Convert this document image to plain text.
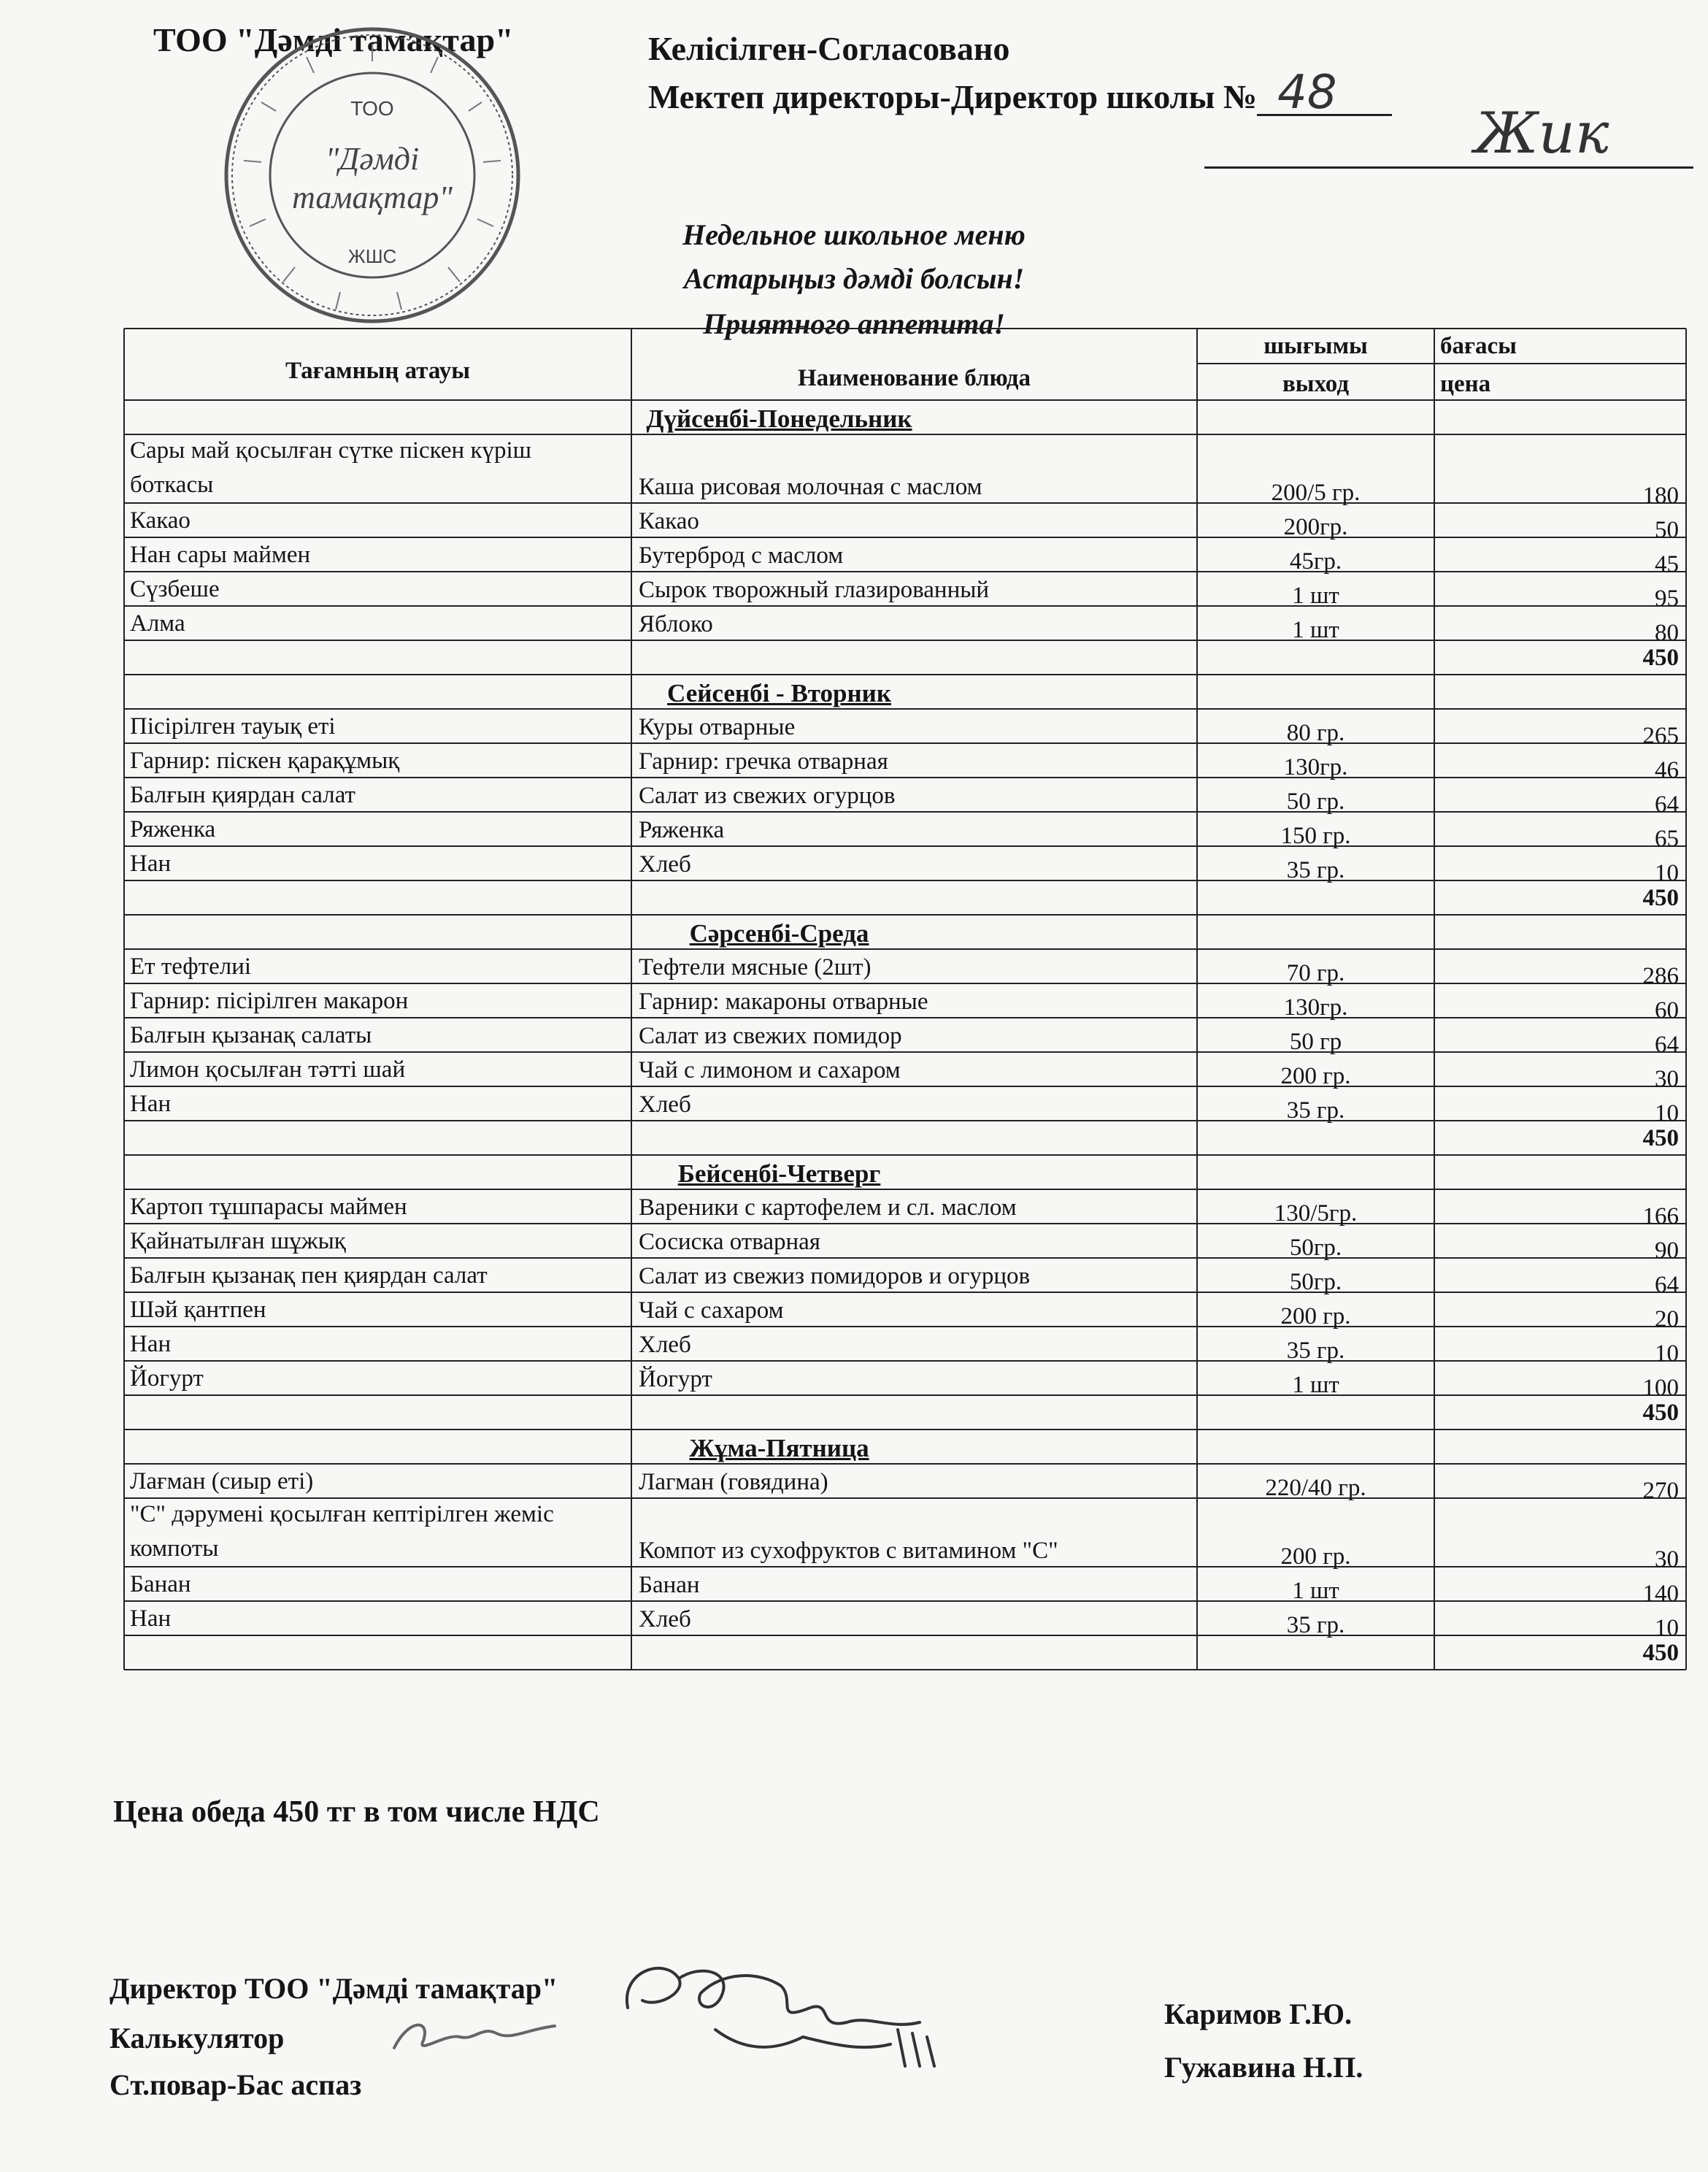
ТОО "Дәмді тамақтар"	Келісілген-Согласовано
Мектеп директоры-Директор школы № 48
Жик
ТОО
"Дәмді
тамақтар"
ЖШС
Недельное школьное меню
Астарыңыз дәмді болсын!
Приятного аппетита!
Тағамның атауы	Наименование блюда
шығымы	бағасы
выход	цена
Дүйсенбі-Понедельник
Сары май қосылған сүтке піскен күріш
боткасы	Каша рисовая молочная с маслом	200/5 гр.	180
Какао	Какао	200гр.	50
Нан сары маймен	Бутерброд с маслом	45гр.	45
Сүзбеше	Сырок творожный глазированный	1 шт	95
Алма	Яблоко	1 шт	80
450
Сейсенбі - Вторник
Пісірілген тауық еті	Куры отварные	80 гр.	265
Гарнир: піскен қарақұмық	Гарнир: гречка отварная	130гр.	46
Балғын қиярдан салат	Салат из свежих огурцов	50 гр.	64
Ряженка	Ряженка	150 гр.	65
Нан	Хлеб	35 гр.	10
450
Сәрсенбі-Среда
Ет тефтелиі	Тефтели мясные (2шт)	70 гр.	286
Гарнир: пісірілген макарон	Гарнир: макароны отварные	130гр.	60
Балғын қызанақ салаты	Салат из свежих помидор	50 гр	64
Лимон қосылған тәтті шай	Чай с лимоном и сахаром	200 гр.	30
Нан	Хлеб	35 гр.	10
450
Бейсенбі-Четверг
Картоп тұшпарасы маймен	Вареники с картофелем и сл. маслом	130/5гр.	166
Қайнатылған шұжық	Сосиска отварная	50гр.	90
Балғын қызанақ пен қиярдан салат	Салат из свежиз помидоров и огурцов	50гр.	64
Шәй қантпен	Чай с сахаром	200 гр.	20
Нан	Хлеб	35 гр.	10
Йогурт	Йогурт	1 шт	100
450
Жұма-Пятница
Лағман (сиыр еті)	Лагман (говядина)	220/40 гр.	270
"С" дәрумені қосылған кептірілген жеміс
компоты	Компот из сухофруктов с витамином "С"	200 гр.	30
Банан	Банан	1 шт	140
Нан	Хлеб	35 гр.	10
450
Цена обеда 450 тг в том числе НДС
Директор ТОО "Дәмді тамақтар"
Калькулятор
Ст.повар-Бас аспаз
Каримов Г.Ю.
Гужавина Н.П.
